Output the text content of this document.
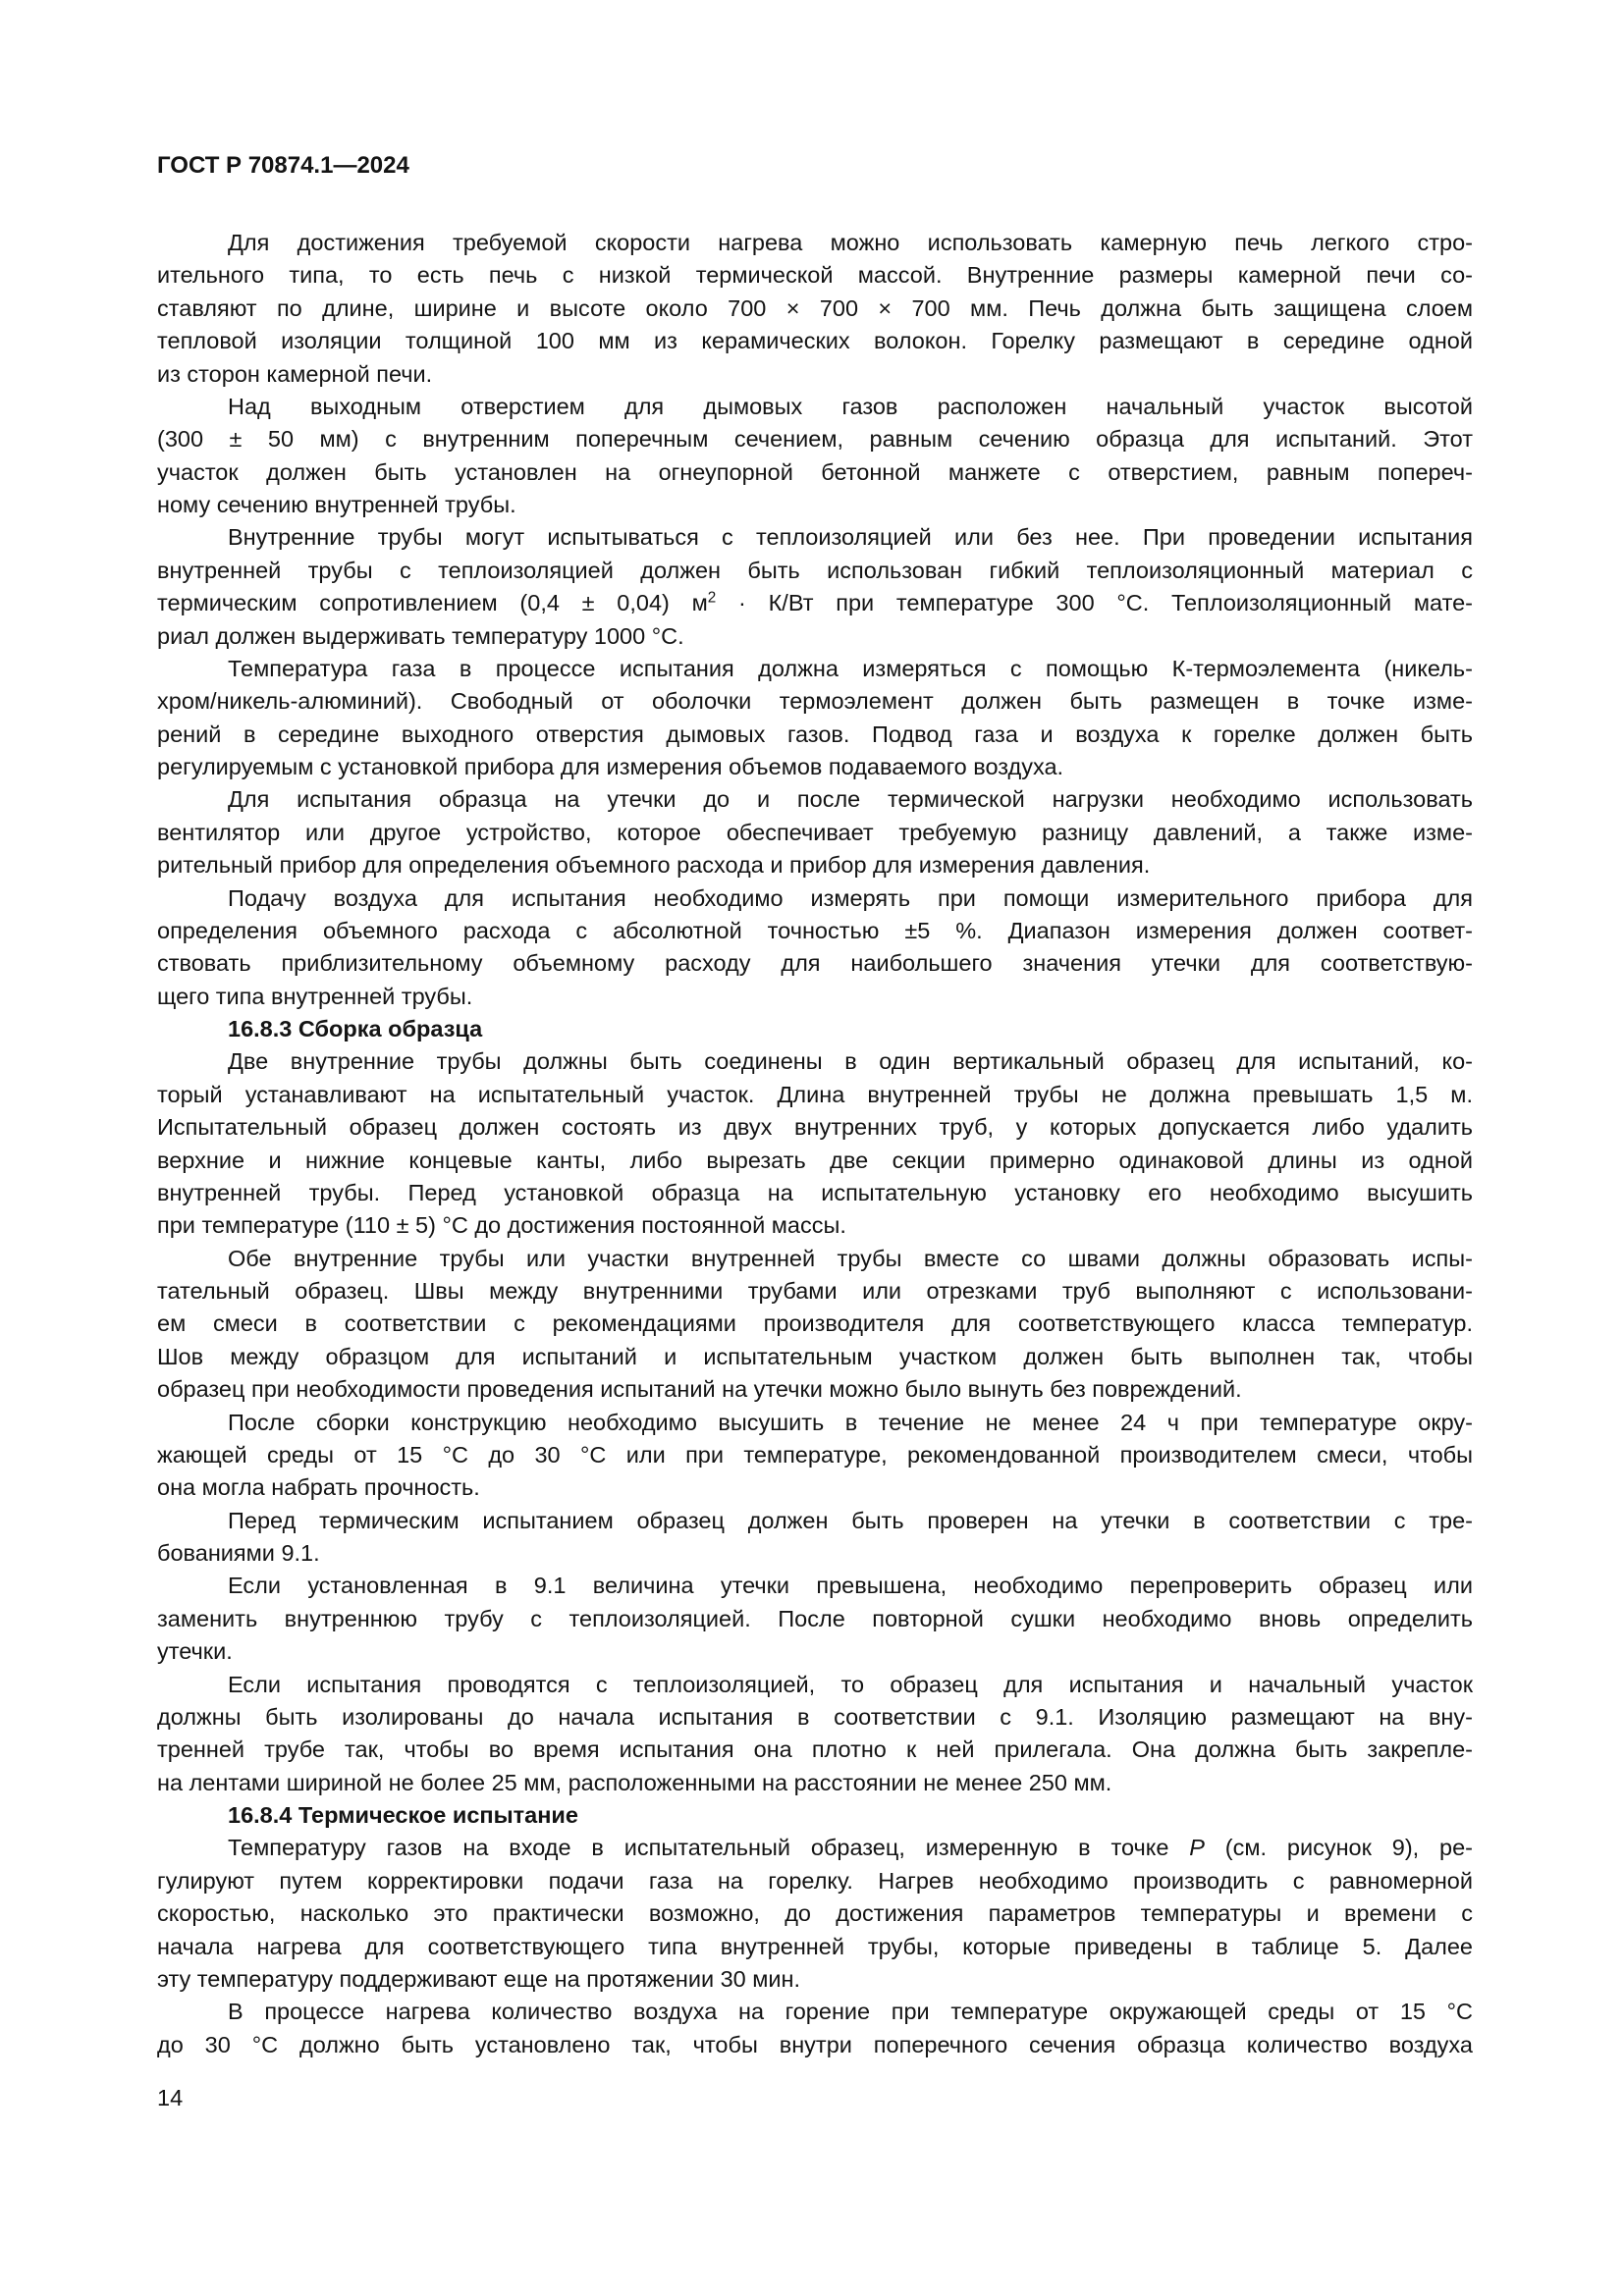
ГОСТ Р 70874.1—2024
Для достижения требуемой скорости нагрева можно использовать камерную печь легкого стро-
ительного типа, то есть печь с низкой термической массой. Внутренние размеры камерной печи со-
ставляют по длине, ширине и высоте около 700 × 700 × 700 мм. Печь должна быть защищена слоем
тепловой изоляции толщиной 100 мм из керамических волокон. Горелку размещают в середине одной
из сторон камерной печи.
Над выходным отверстием для дымовых газов расположен начальный участок высотой
(300 ± 50 мм) с внутренним поперечным сечением, равным сечению образца для испытаний. Этот
участок должен быть установлен на огнеупорной бетонной манжете с отверстием, равным попереч-
ному сечению внутренней трубы.
Внутренние трубы могут испытываться с теплоизоляцией или без нее. При проведении испытания
внутренней трубы с теплоизоляцией должен быть использован гибкий теплоизоляционный материал с
термическим сопротивлением (0,4 ± 0,04) $м^2 \cdot К/Вт$ при температуре 300 °С. Теплоизоляционный мате-
риал должен выдерживать температуру 1000 °С.
Температура газа в процессе испытания должна измеряться с помощью К-термоэлемента (никель-
хром/никель-алюминий). Свободный от оболочки термоэлемент должен быть размещен в точке изме-
рений в середине выходного отверстия дымовых газов. Подвод газа и воздуха к горелке должен быть
регулируемым с установкой прибора для измерения объемов подаваемого воздуха.
Для испытания образца на утечки до и после термической нагрузки необходимо использовать
вентилятор или другое устройство, которое обеспечивает требуемую разницу давлений, а также изме-
рительный прибор для определения объемного расхода и прибор для измерения давления.
Подачу воздуха для испытания необходимо измерять при помощи измерительного прибора для
определения объемного расхода с абсолютной точностью ±5 %. Диапазон измерения должен соответ-
ствовать приблизительному объемному расходу для наибольшего значения утечки для соответствую-
щего типа внутренней трубы.
16.8.3 Сборка образца
Две внутренние трубы должны быть соединены в один вертикальный образец для испытаний, ко-
торый устанавливают на испытательный участок. Длина внутренней трубы не должна превышать 1,5 м.
Испытательный образец должен состоять из двух внутренних труб, у которых допускается либо удалить
верхние и нижние концевые канты, либо вырезать две секции примерно одинаковой длины из одной
внутренней трубы. Перед установкой образца на испытательную установку его необходимо высушить
при температуре (110 ± 5) °С до достижения постоянной массы.
Обе внутренние трубы или участки внутренней трубы вместе со швами должны образовать испы-
тательный образец. Швы между внутренними трубами или отрезками труб выполняют с использовани-
ем смеси в соответствии с рекомендациями производителя для соответствующего класса температур.
Шов между образцом для испытаний и испытательным участком должен быть выполнен так, чтобы
образец при необходимости проведения испытаний на утечки можно было вынуть без повреждений.
После сборки конструкцию необходимо высушить в течение не менее 24 ч при температуре окру-
жающей среды от 15 °С до 30 °С или при температуре, рекомендованной производителем смеси, чтобы
она могла набрать прочность.
Перед термическим испытанием образец должен быть проверен на утечки в соответствии с тре-
бованиями 9.1.
Если установленная в 9.1 величина утечки превышена, необходимо перепроверить образец или
заменить внутреннюю трубу с теплоизоляцией. После повторной сушки необходимо вновь определить
утечки.
Если испытания проводятся с теплоизоляцией, то образец для испытания и начальный участок
должны быть изолированы до начала испытания в соответствии с 9.1. Изоляцию размещают на вну-
тренней трубе так, чтобы во время испытания она плотно к ней прилегала. Она должна быть закрепле-
на лентами шириной не более 25 мм, расположенными на расстоянии не менее 250 мм.
16.8.4 Термическое испытание
Температуру газов на входе в испытательный образец, измеренную в точке P (см. рисунок 9), ре-
гулируют путем корректировки подачи газа на горелку. Нагрев необходимо производить с равномерной
скоростью, насколько это практически возможно, до достижения параметров температуры и времени с
начала нагрева для соответствующего типа внутренней трубы, которые приведены в таблице 5. Далее
эту температуру поддерживают еще на протяжении 30 мин.
В процессе нагрева количество воздуха на горение при температуре окружающей среды от 15 °С
до 30 °С должно быть установлено так, чтобы внутри поперечного сечения образца количество воздуха
14
